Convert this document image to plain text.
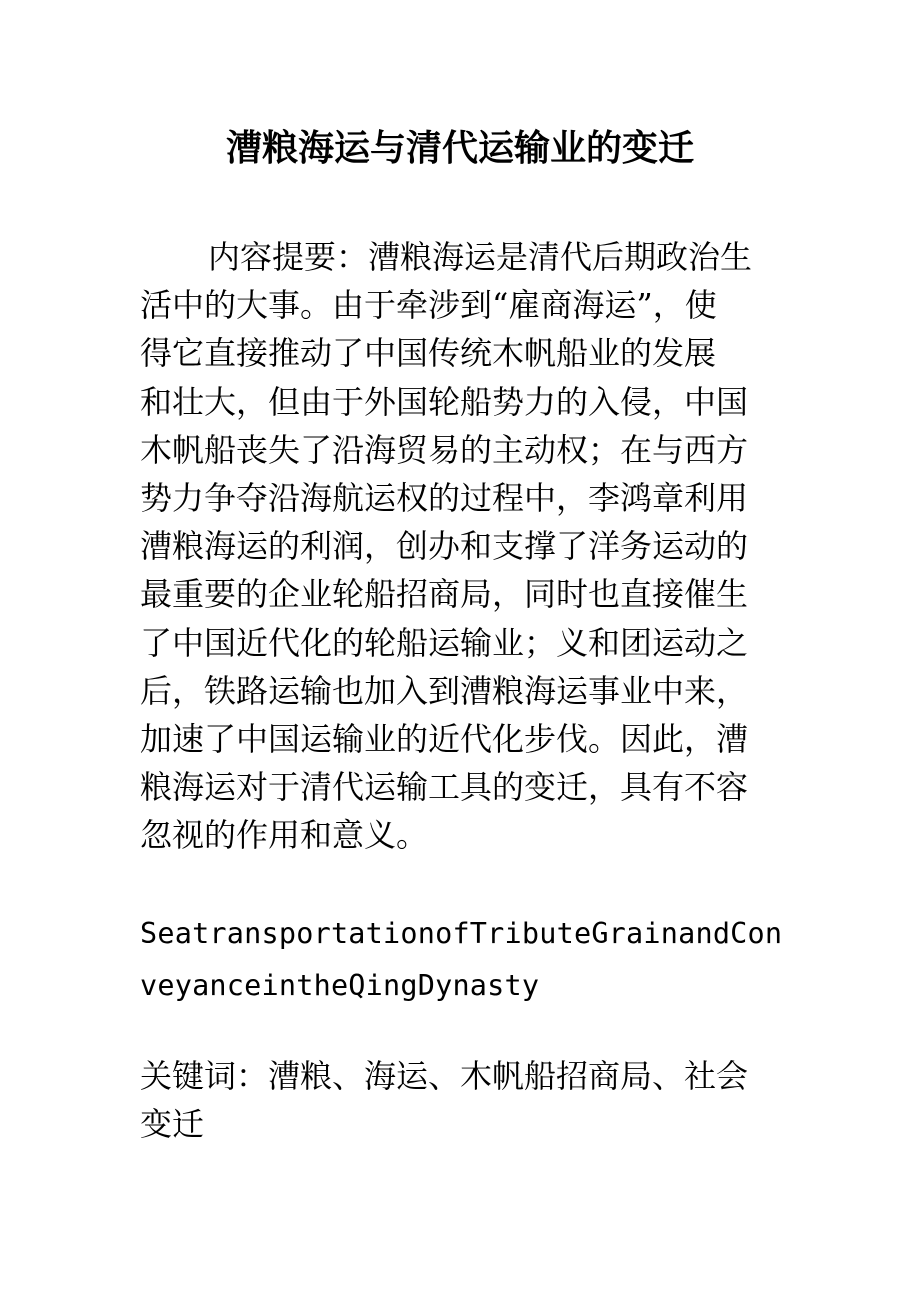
漕粮海运与清代运输业的变迁
内容提要：漕粮海运是清代后期政治生
活中的大事。由于牵涉到“雇商海运”，使
得它直接推动了中国传统木帆船业的发展
和壮大，但由于外国轮船势力的入侵，中国
木帆船丧失了沿海贸易的主动权；在与西方
势力争夺沿海航运权的过程中，李鸿章利用
漕粮海运的利润，创办和支撑了洋务运动的
最重要的企业轮船招商局，同时也直接催生
了中国近代化的轮船运输业；义和团运动之
后，铁路运输也加入到漕粮海运事业中来，
加速了中国运输业的近代化步伐。因此，漕
粮海运对于清代运输工具的变迁，具有不容
忽视的作用和意义。
SeatransportationofTributeGrainandCon
veyanceintheQingDynasty
关键词：漕粮、海运、木帆船招商局、社会
变迁
